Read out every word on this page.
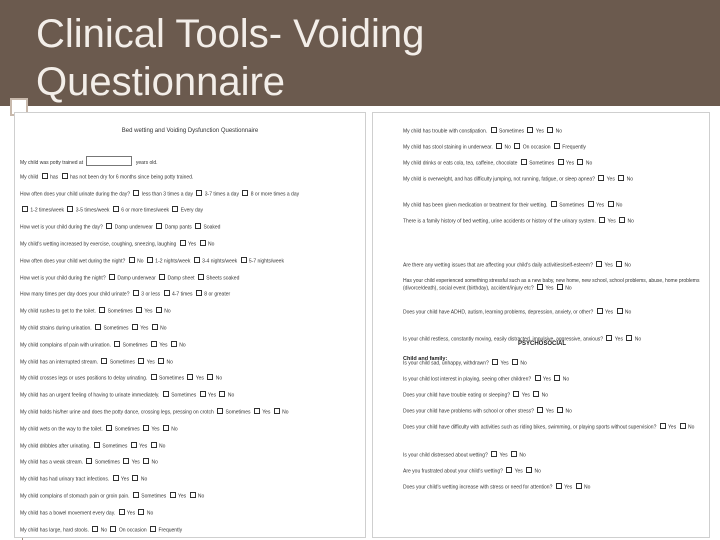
Clinical Tools- Voiding Questionnaire
Bed wetting and Voiding Dysfunction Questionnaire
My child was potty trained at	years old.
My child  has  has not been dry for 6 months since being potty trained.
How often does your child urinate during the day?  less than 3 times a day  3-7 times a day  8 or more times a day
1-2 times/week  3-5 times/week  6 or more times/week  Every day
How wet is your child during the day?  Damp underwear  Damp pants  Soaked
My child's wetting increased by exercise, coughing, sneezing, laughing  Yes  No
How often does your child wet during the night?  No  1-2 nights/week  3-4 nights/week  5-7 nights/week
How wet is your child during the night?  Damp underwear  Damp sheet  Sheets soaked
How many times per day does your child urinate?  3 or less  4-7 times  8 or greater
My child rushes to get to the toilet.  Sometimes  Yes  No
My child strains during urination.  Sometimes  Yes  No
My child complains of pain with urination.  Sometimes  Yes  No
My child has an interrupted stream.  Sometimes  Yes  No
My child crosses legs or uses positions to delay urinating.  Sometimes  Yes  No
My child has an urgent feeling of having to urinate immediately.  Sometimes  Yes  No
My child holds his/her urine and does the potty dance, crossing legs, pressing on crotch  Sometimes  Yes  No
My child wets on the way to the toilet.  Sometimes  Yes  No
My child dribbles after urinating.  Sometimes  Yes  No
My child has a weak stream.  Sometimes  Yes  No
My child has had urinary tract infections.  Yes  No
My child complains of stomach pain or groin pain.  Sometimes  Yes  No
My child has a bowel movement every day.  Yes  No
My child has large, hard stools.  No  On occasion  Frequently
PSYCHOSOCIAL
Child and family:
My child has trouble with constipation.  Sometimes  Yes  No
My child has stool staining in underwear.  No  On occasion  Frequently
My child drinks or eats cola, tea, caffeine, chocolate  Sometimes  Yes  No
My child is overweight, and has difficulty jumping, not running, fatigue, or sleep apnea?  Yes  No
My child has been given medication or treatment for their wetting.  Sometimes  Yes  No
There is a family history of bed wetting, urine accidents or history of the urinary system.  Yes  No
Are there any wetting issues that are affecting your child's daily activities/self-esteem?  Yes  No
Has your child experienced something stressful such as a new baby, new home, new school, school problems, abuse, home problems (divorce/death), social event (birthday), accident/injury etc?  Yes  No
Does your child have ADHD, autism, learning problems, depression, anxiety, or other?  Yes  No
Is your child restless, constantly moving, easily distracted, impulsive, aggressive, anxious?  Yes  No
Is your child sad, unhappy, withdrawn?  Yes  No
Is your child lost interest in playing, seeing other children?  Yes  No
Does your child have trouble eating or sleeping?  Yes  No
Does your child have problems with school or other stress?  Yes  No
Does your child have difficulty with activities such as riding bikes, swimming, or playing sports without supervision?  Yes  No
Is your child distressed about wetting?  Yes  No
Are you frustrated about your child's wetting?  Yes  No
Does your child's wetting increase with stress or need for attention?  Yes  No
